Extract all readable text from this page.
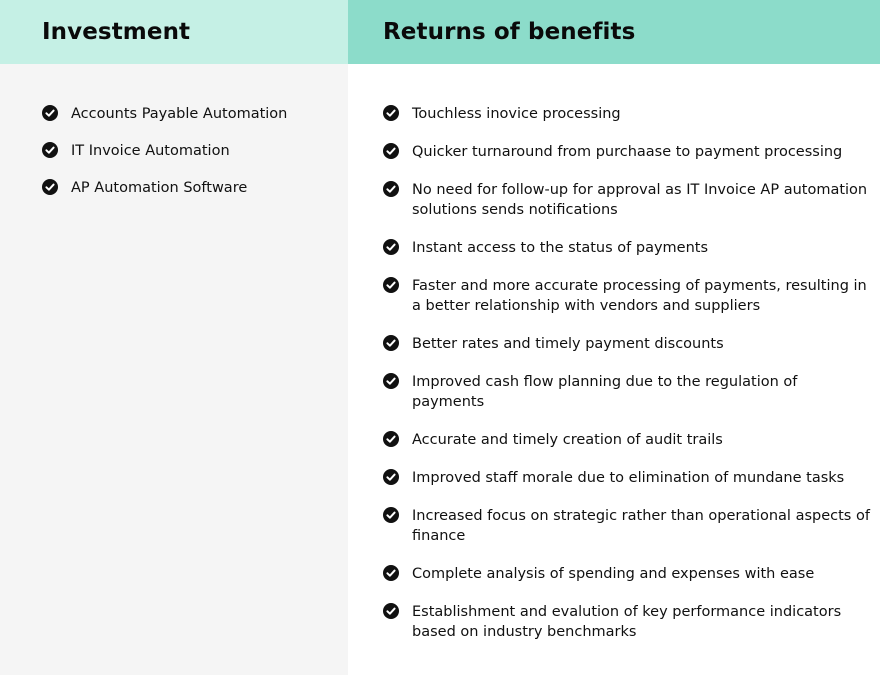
Investment
Accounts Payable Automation
IT Invoice Automation
AP Automation Software
Returns of benefits
Touchless inovice processing
Quicker turnaround from purchaase to payment processing
No need for follow-up for approval as IT Invoice AP automation solutions sends notifications
Instant access to the status of payments
Faster and more accurate processing of payments, resulting in a better relationship with vendors and suppliers
Better rates and timely payment discounts
Improved cash flow planning due to the regulation of payments
Accurate and timely creation of audit trails
Improved staff morale due to elimination of mundane tasks
Increased focus on strategic rather than operational aspects of finance
Complete analysis of spending and expenses with ease
Establishment and evalution of key performance indicators based on industry benchmarks
